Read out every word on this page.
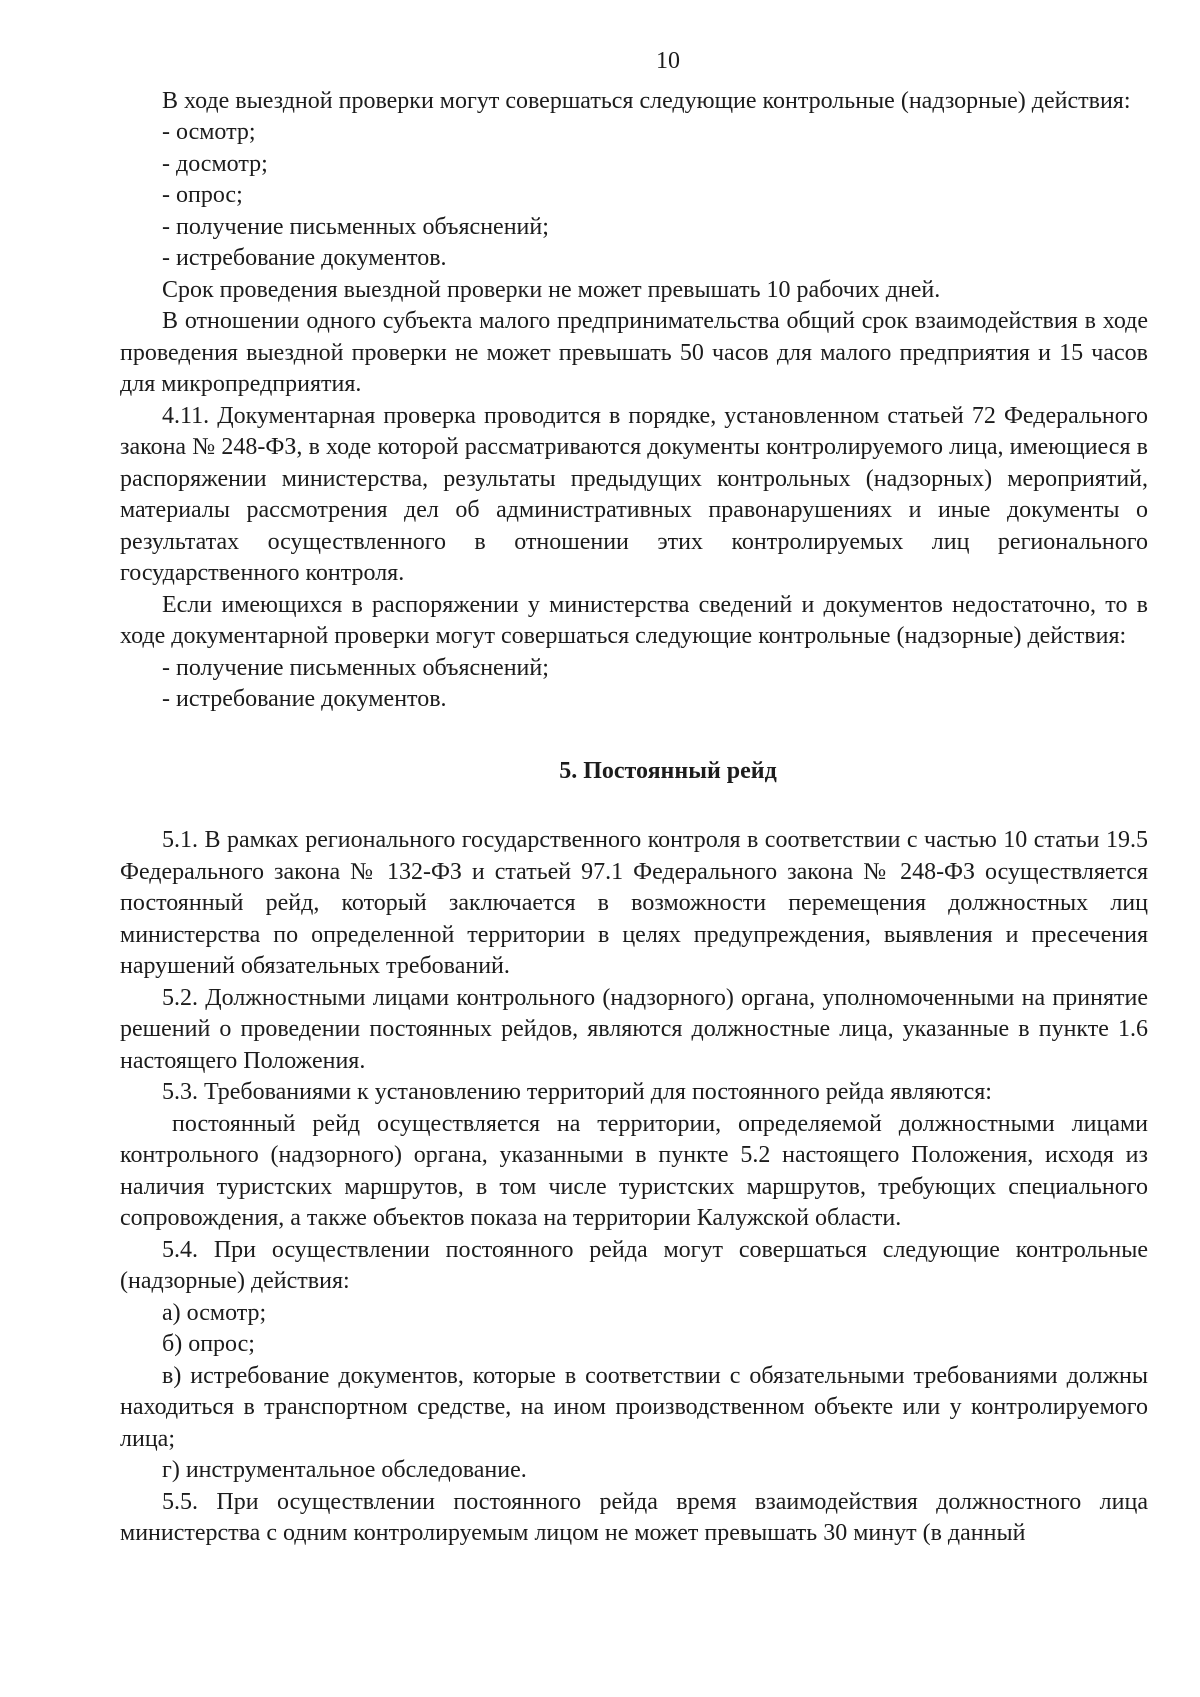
10

В ходе выездной проверки могут совершаться следующие контрольные (надзорные) действия:

- осмотр;

- досмотр;

- опрос;

- получение письменных объяснений;

- истребование документов.

Срок проведения выездной проверки не может превышать 10 рабочих дней.

В отношении одного субъекта малого предпринимательства общий срок взаимодействия в ходе проведения выездной проверки не может превышать 50 часов для малого предприятия и 15 часов для микропредприятия.

4.11. Документарная проверка проводится в порядке, установленном статьей 72 Федерального закона № 248-ФЗ, в ходе которой рассматриваются документы контролируемого лица, имеющиеся в распоряжении министерства, результаты предыдущих контрольных (надзорных) мероприятий, материалы рассмотрения дел об административных правонарушениях и иные документы о результатах осуществленного в отношении этих контролируемых лиц регионального государственного контроля.

Если имеющихся в распоряжении у министерства сведений и документов недостаточно, то в ходе документарной проверки могут совершаться следующие контрольные (надзорные) действия:

- получение письменных объяснений;

- истребование документов.

5. Постоянный рейд

5.1. В рамках регионального государственного контроля в соответствии с частью 10 статьи 19.5 Федерального закона № 132-ФЗ и статьей 97.1 Федерального закона № 248-ФЗ осуществляется постоянный рейд, который заключается в возможности перемещения должностных лиц министерства по определенной территории в целях предупреждения, выявления и пресечения нарушений обязательных требований.

5.2. Должностными лицами контрольного (надзорного) органа, уполномоченными на принятие решений о проведении постоянных рейдов, являются должностные лица, указанные в пункте 1.6 настоящего Положения.

5.3. Требованиями к установлению территорий для постоянного рейда являются:

постоянный рейд осуществляется на территории, определяемой должностными лицами контрольного (надзорного) органа, указанными в пункте 5.2 настоящего Положения, исходя из наличия туристских маршрутов, в том числе туристских маршрутов, требующих специального сопровождения, а также объектов показа на территории Калужской области.

5.4. При осуществлении постоянного рейда могут совершаться следующие контрольные (надзорные) действия:

а) осмотр;

б) опрос;

в) истребование документов, которые в соответствии с обязательными требованиями должны находиться в транспортном средстве, на ином производственном объекте или у контролируемого лица;

г) инструментальное обследование.

5.5. При осуществлении постоянного рейда время взаимодействия должностного лица министерства с одним контролируемым лицом не может превышать 30 минут (в данный
